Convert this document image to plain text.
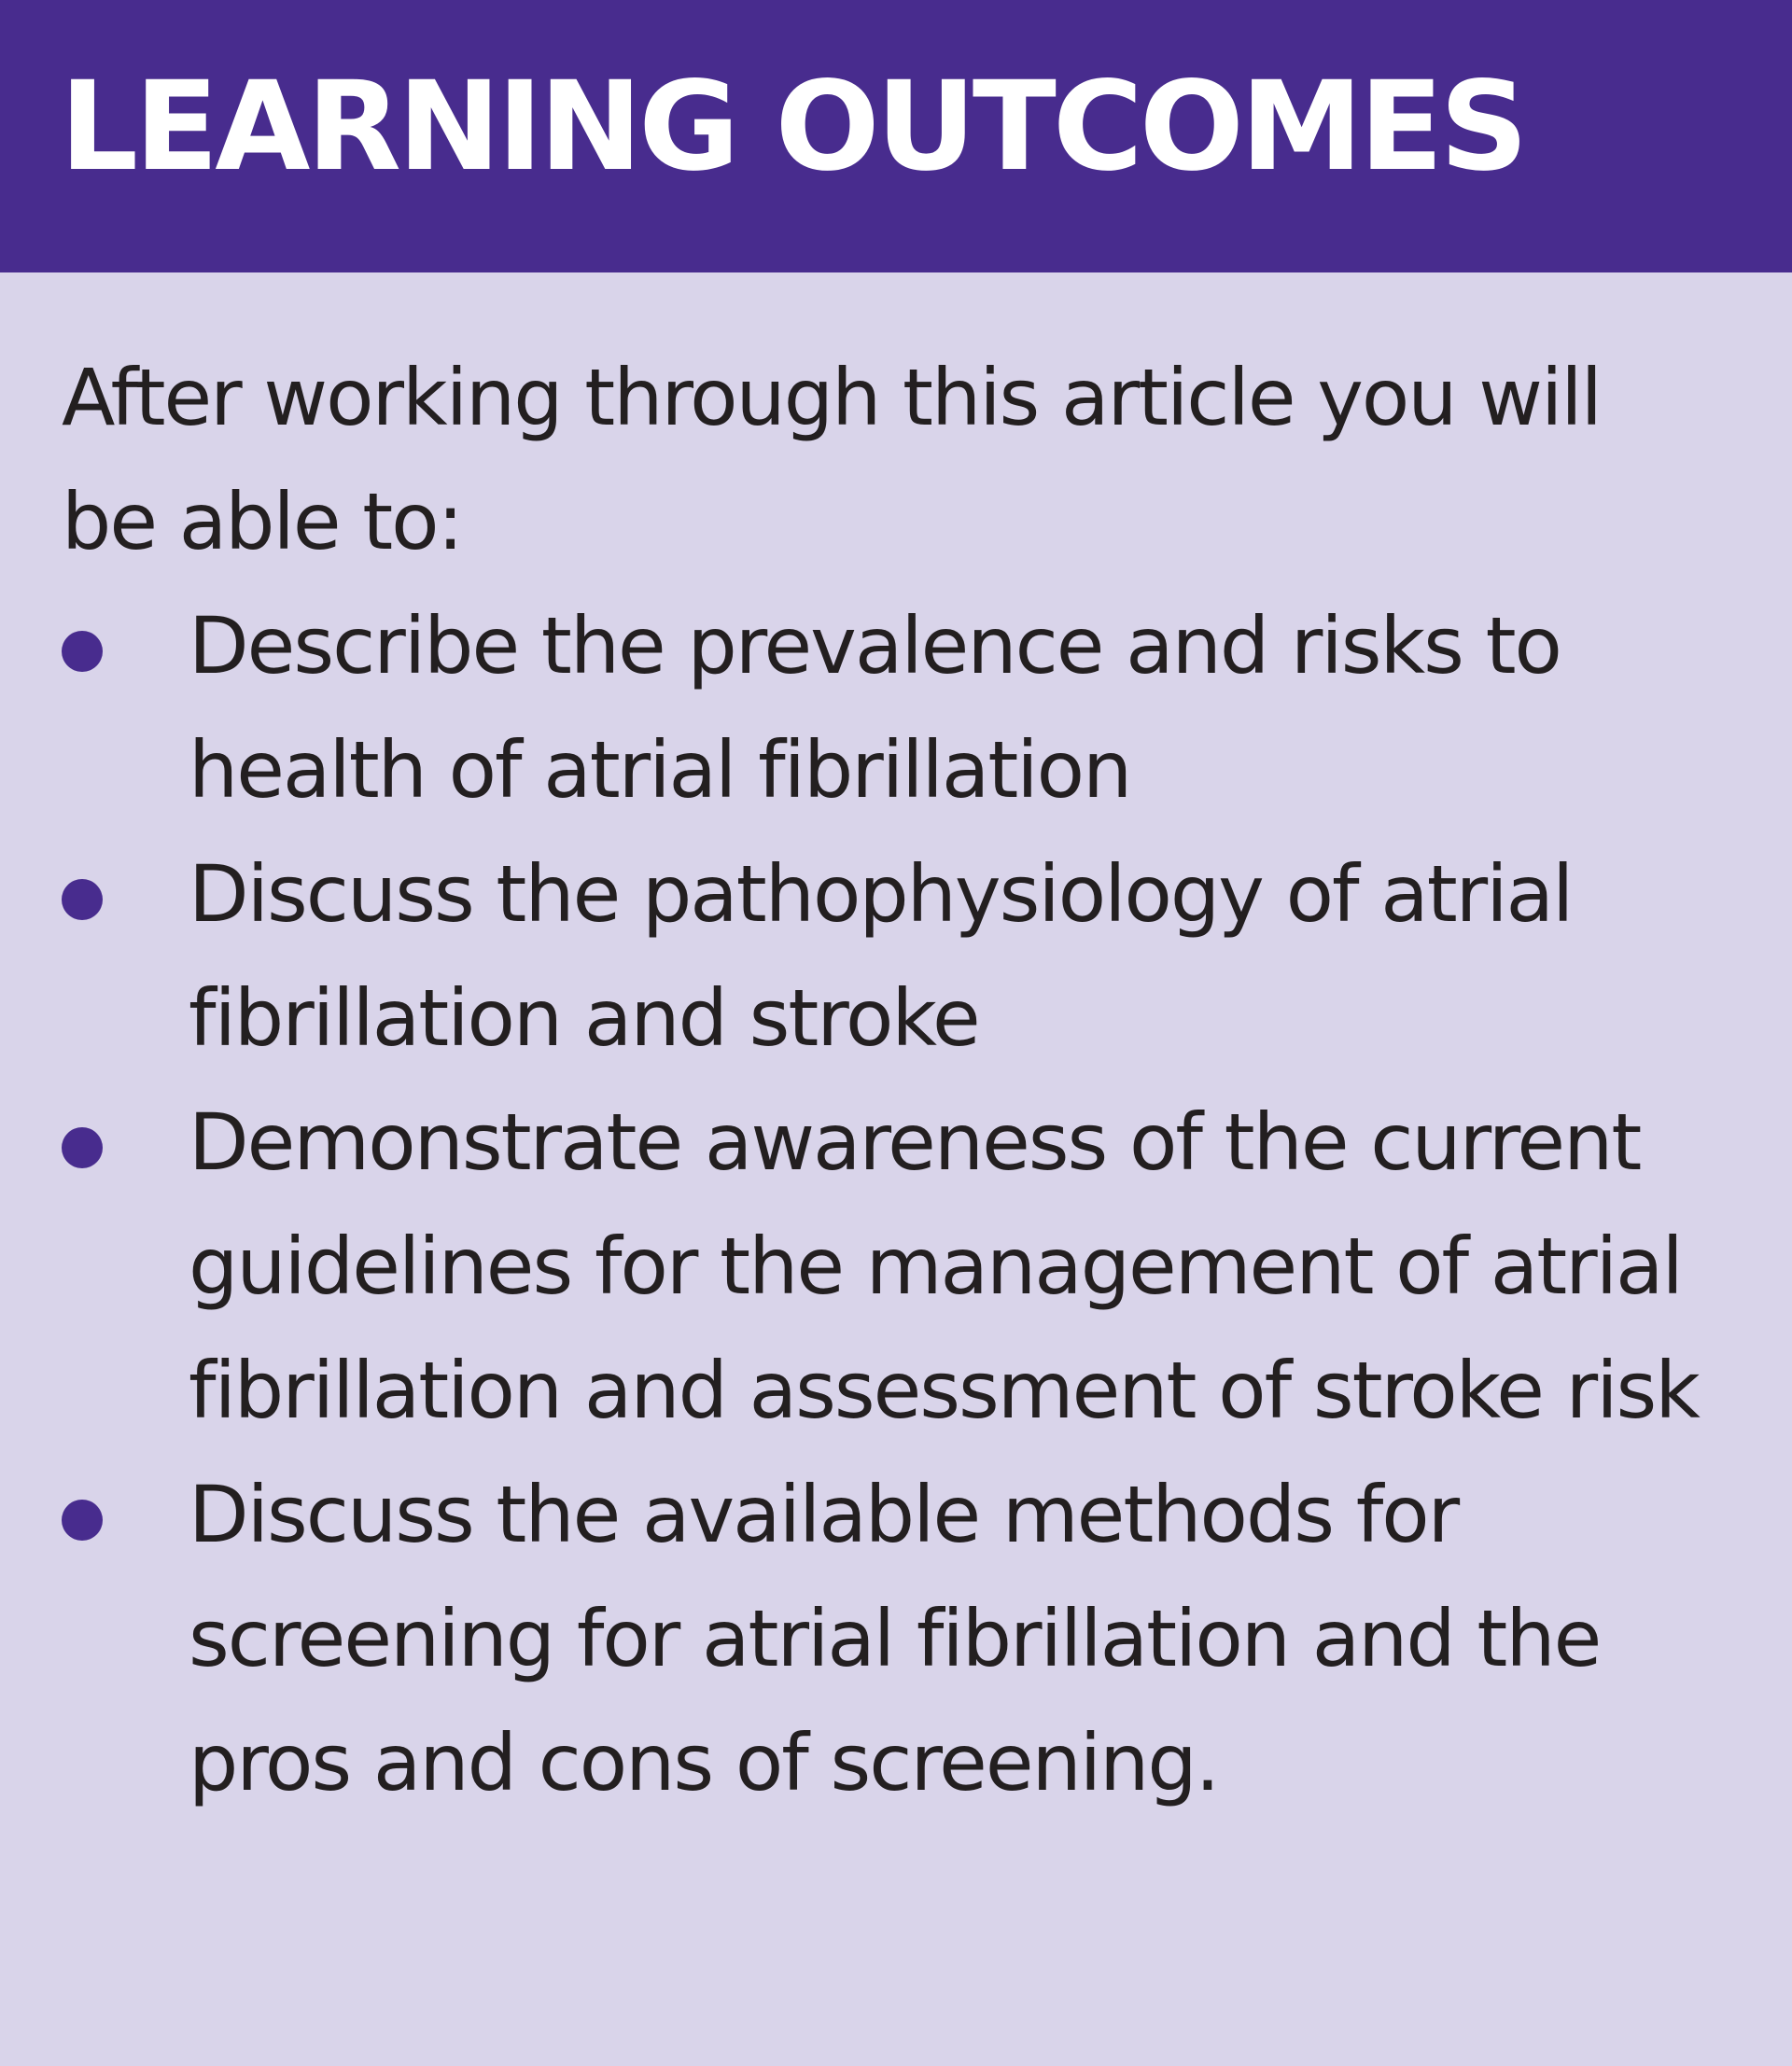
LEARNING OUTCOMES

After working through this article you will be able to:

Describe the prevalence and risks to health of atrial fibrillation
Discuss the pathophysiology of atrial fibrillation and stroke
Demonstrate awareness of the current guidelines for the management of atrial fibrillation and assessment of stroke risk
Discuss the available methods for screening for atrial fibrillation and the pros and cons of screening.
